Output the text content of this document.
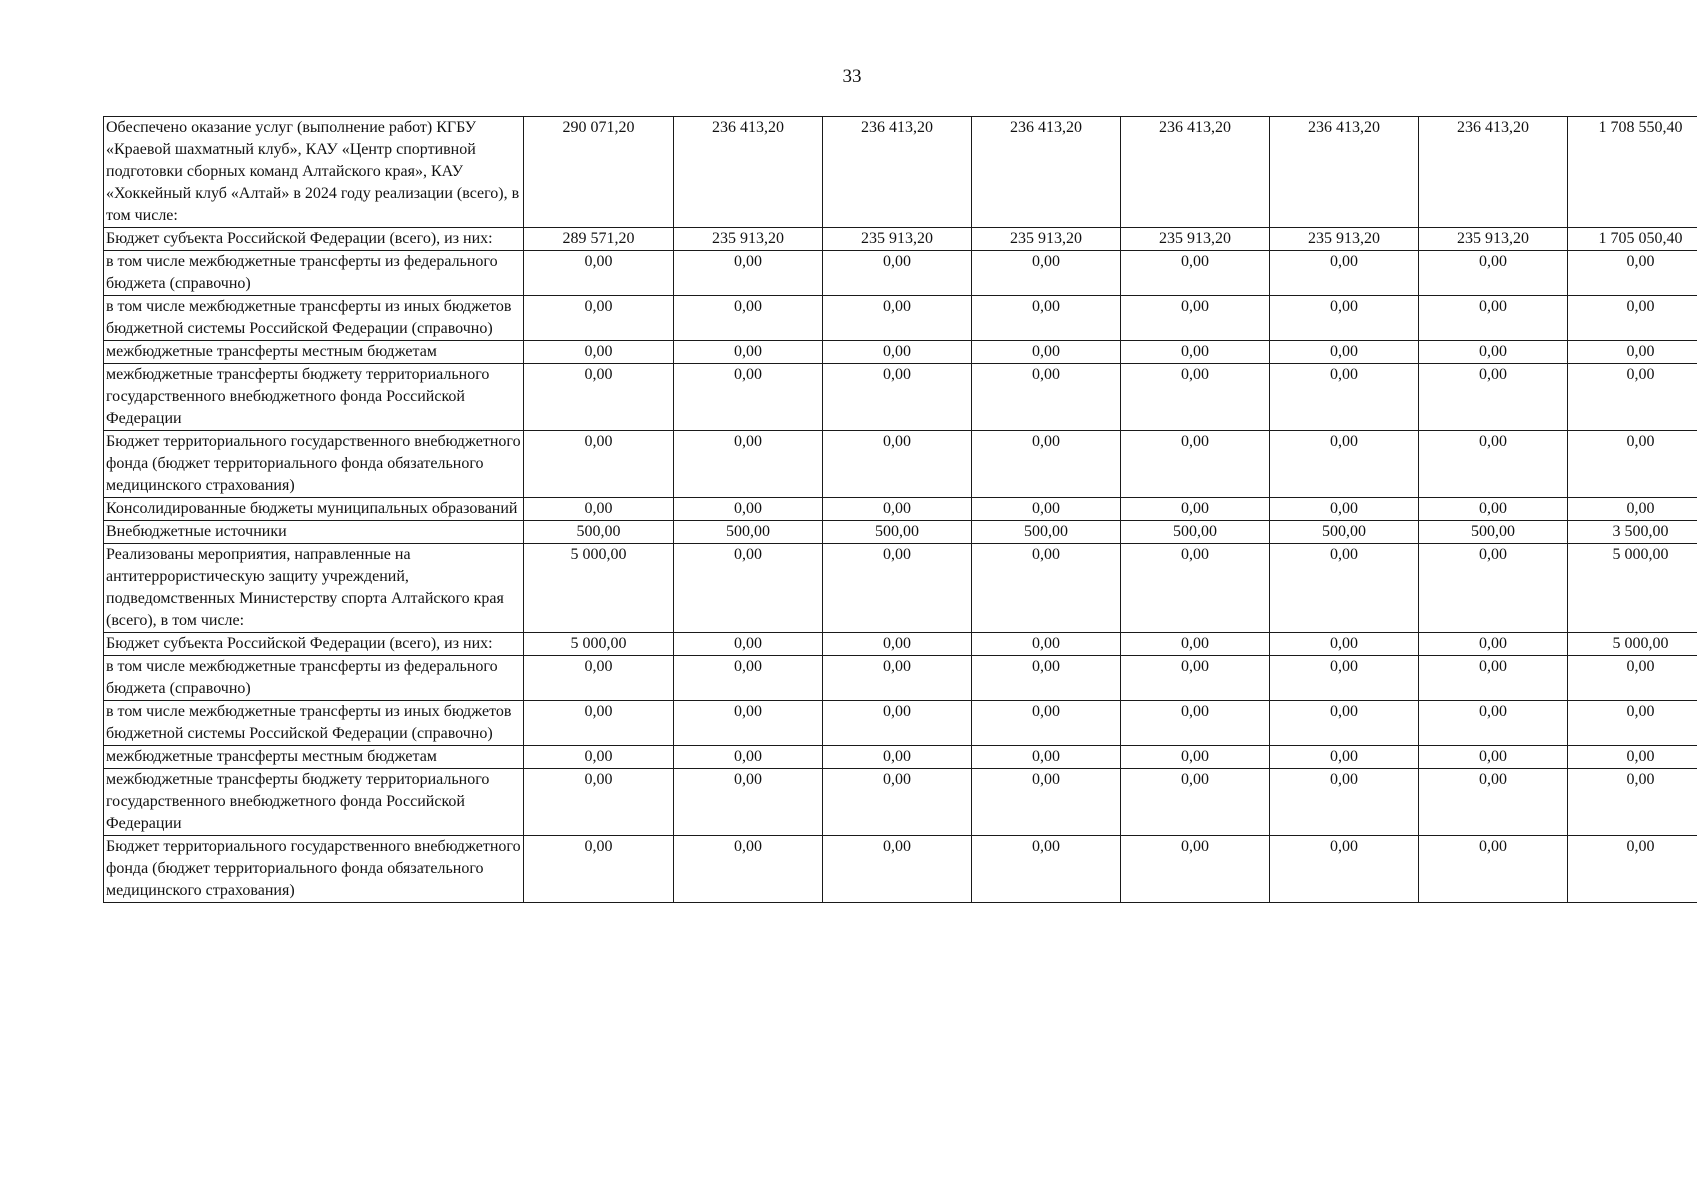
33
Обеспечено оказание услуг (выполнение работ) КГБУ «Краевой шахматный клуб», КАУ «Центр спортивной подготовки сборных команд Алтайского края», КАУ «Хоккейный клуб «Алтай» в 2024 году реализации (всего), в том числе:	290 071,20	236 413,20	236 413,20	236 413,20	236 413,20	236 413,20	236 413,20	1 708 550,40
Бюджет субъекта Российской Федерации (всего), из них:	289 571,20	235 913,20	235 913,20	235 913,20	235 913,20	235 913,20	235 913,20	1 705 050,40
в том числе межбюджетные трансферты из федерального бюджета (справочно)	0,00	0,00	0,00	0,00	0,00	0,00	0,00	0,00
в том числе межбюджетные трансферты из иных бюджетов бюджетной системы Российской Федерации (справочно)	0,00	0,00	0,00	0,00	0,00	0,00	0,00	0,00
межбюджетные трансферты местным бюджетам	0,00	0,00	0,00	0,00	0,00	0,00	0,00	0,00
межбюджетные трансферты бюджету территориального государственного внебюджетного фонда Российской Федерации	0,00	0,00	0,00	0,00	0,00	0,00	0,00	0,00
Бюджет территориального государственного внебюджетного фонда (бюджет территориального фонда обязательного медицинского страхования)	0,00	0,00	0,00	0,00	0,00	0,00	0,00	0,00
Консолидированные бюджеты муниципальных образований	0,00	0,00	0,00	0,00	0,00	0,00	0,00	0,00
Внебюджетные источники	500,00	500,00	500,00	500,00	500,00	500,00	500,00	3 500,00
Реализованы мероприятия, направленные на антитеррористическую защиту учреждений, подведомственных Министерству спорта Алтайского края (всего), в том числе:	5 000,00	0,00	0,00	0,00	0,00	0,00	0,00	5 000,00
Бюджет субъекта Российской Федерации (всего), из них:	5 000,00	0,00	0,00	0,00	0,00	0,00	0,00	5 000,00
в том числе межбюджетные трансферты из федерального бюджета (справочно)	0,00	0,00	0,00	0,00	0,00	0,00	0,00	0,00
в том числе межбюджетные трансферты из иных бюджетов бюджетной системы Российской Федерации (справочно)	0,00	0,00	0,00	0,00	0,00	0,00	0,00	0,00
межбюджетные трансферты местным бюджетам	0,00	0,00	0,00	0,00	0,00	0,00	0,00	0,00
межбюджетные трансферты бюджету территориального государственного внебюджетного фонда Российской Федерации	0,00	0,00	0,00	0,00	0,00	0,00	0,00	0,00
Бюджет территориального государственного внебюджетного фонда (бюджет территориального фонда обязательного медицинского страхования)	0,00	0,00	0,00	0,00	0,00	0,00	0,00	0,00
